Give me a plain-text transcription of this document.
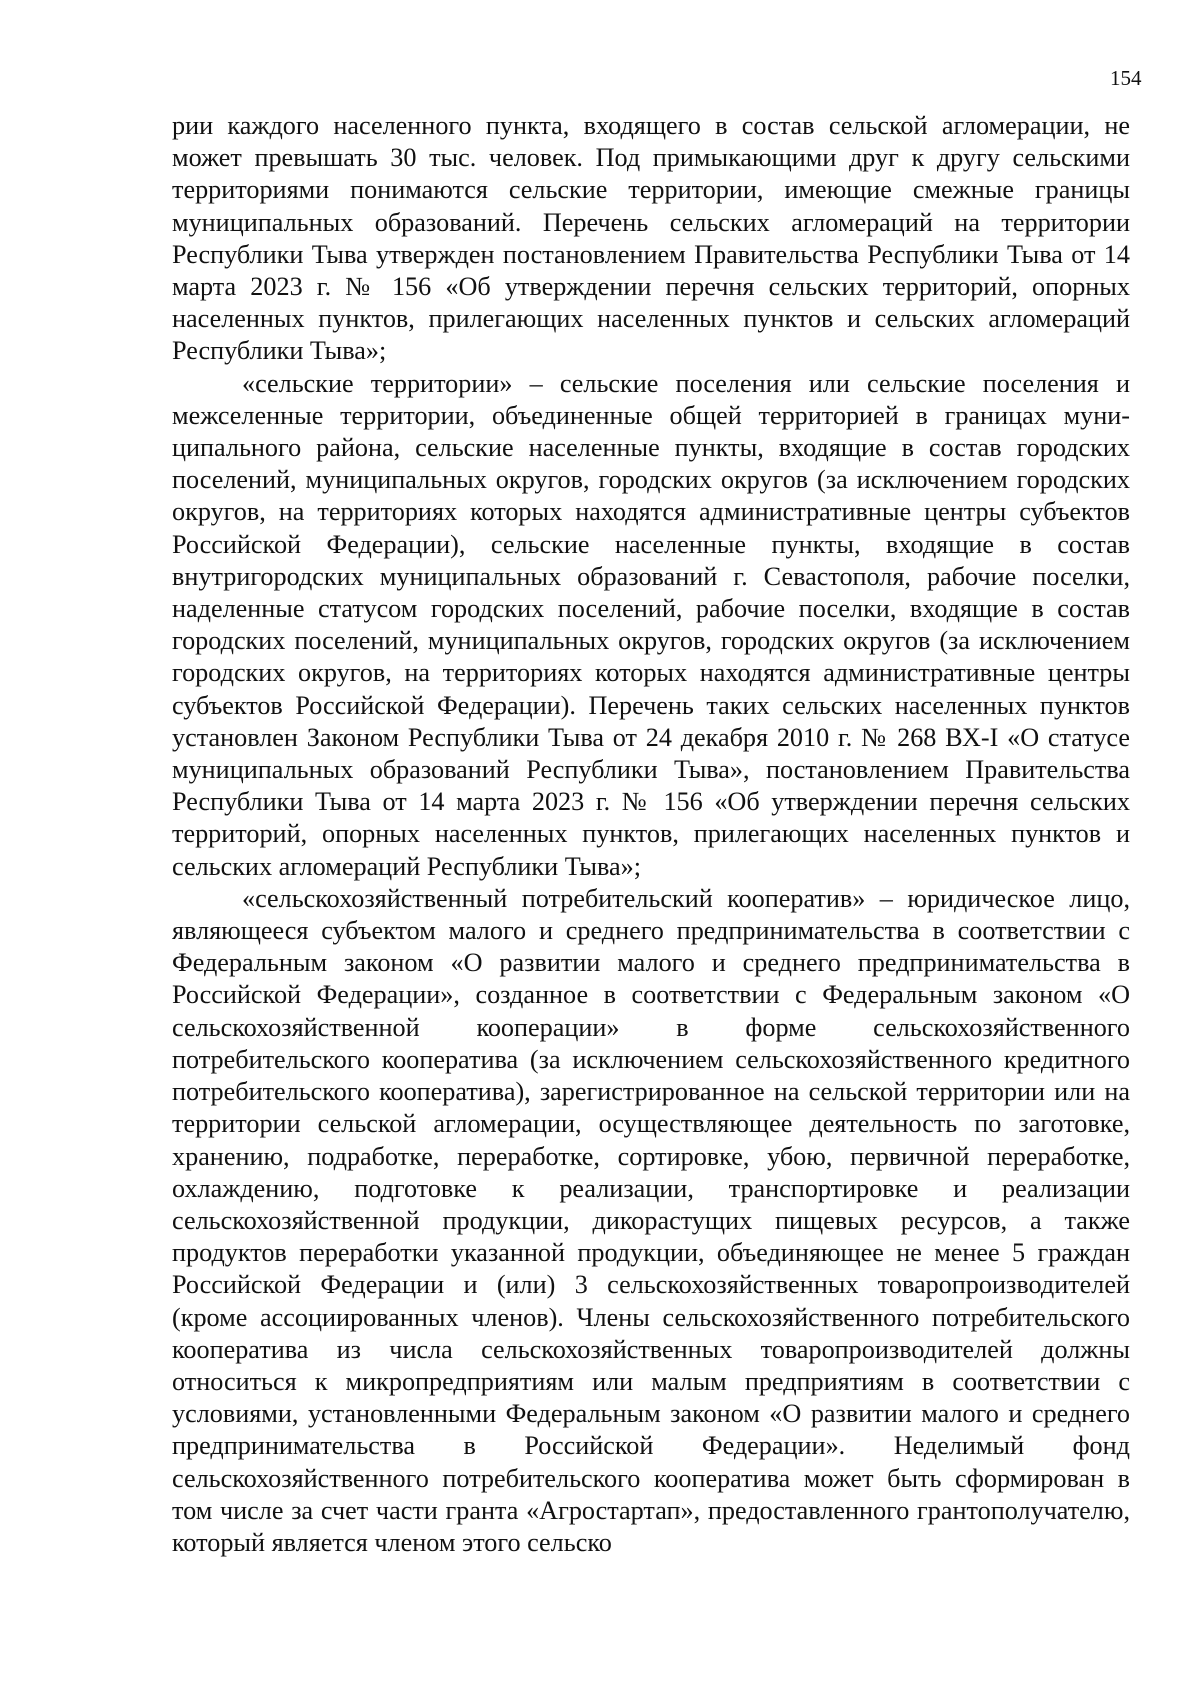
154

рии каждого населенного пункта, входящего в состав сельской агломерации, не может превышать 30 тыс. человек. Под примыкающими друг к другу сельскими территориями понимаются сельские территории, имеющие смежные границы муниципальных образований. Перечень сельских агломераций на территории Республики Тыва утвержден постановлением Правительства Республики Тыва от 14 марта 2023 г. № 156 «Об утверждении перечня сельских территорий, опорных населенных пунктов, прилегающих населенных пунктов и сельских агломераций Республики Тыва»;

«сельские территории» – сельские поселения или сельские поселения и межселенные территории, объединенные общей территорией в границах муниципального района, сельские населенные пункты, входящие в состав городских поселений, муниципальных округов, городских округов (за исключением городских округов, на территориях которых находятся административные центры субъектов Российской Федерации), сельские населенные пункты, входящие в состав внутригородских муниципальных образований г. Севастополя, рабочие поселки, наделенные статусом городских поселений, рабочие поселки, входящие в состав городских поселений, муниципальных округов, городских округов (за исключением городских округов, на территориях которых находятся административные центры субъектов Российской Федерации). Перечень таких сельских населенных пунктов установлен Законом Республики Тыва от 24 декабря 2010 г. № 268 ВХ-I «О статусе муниципальных образований Республики Тыва», постановлением Правительства Республики Тыва от 14 марта 2023 г. № 156 «Об утверждении перечня сельских территорий, опорных населенных пунктов, прилегающих населенных пунктов и сельских агломераций Республики Тыва»;

«сельскохозяйственный потребительский кооператив» – юридическое лицо, являющееся субъектом малого и среднего предпринимательства в соответствии с Федеральным законом «О развитии малого и среднего предпринимательства в Российской Федерации», созданное в соответствии с Федеральным законом «О сельскохозяйственной кооперации» в форме сельскохозяйственного потребительского кооператива (за исключением сельскохозяйственного кредитного потребительского кооператива), зарегистрированное на сельской территории или на территории сельской агломерации, осуществляющее деятельность по заготовке, хранению, подработке, переработке, сортировке, убою, первичной переработке, охлаждению, подготовке к реализации, транспортировке и реализации сельскохозяйственной продукции, дикорастущих пищевых ресурсов, а также продуктов переработки указанной продукции, объединяющее не менее 5 граждан Российской Федерации и (или) 3 сельскохозяйственных товаропроизводителей (кроме ассоциированных членов). Члены сельскохозяйственного потребительского кооператива из числа сельскохозяйственных товаропроизводителей должны относиться к микропредприятиям или малым предприятиям в соответствии с условиями, установленными Федеральным законом «О развитии малого и среднего предпринимательства в Российской Федерации». Неделимый фонд сельскохозяйственного потребительского кооператива может быть сформирован в том числе за счет части гранта «Агростартап», предоставленного грантополучателю, который является членом этого сельско
